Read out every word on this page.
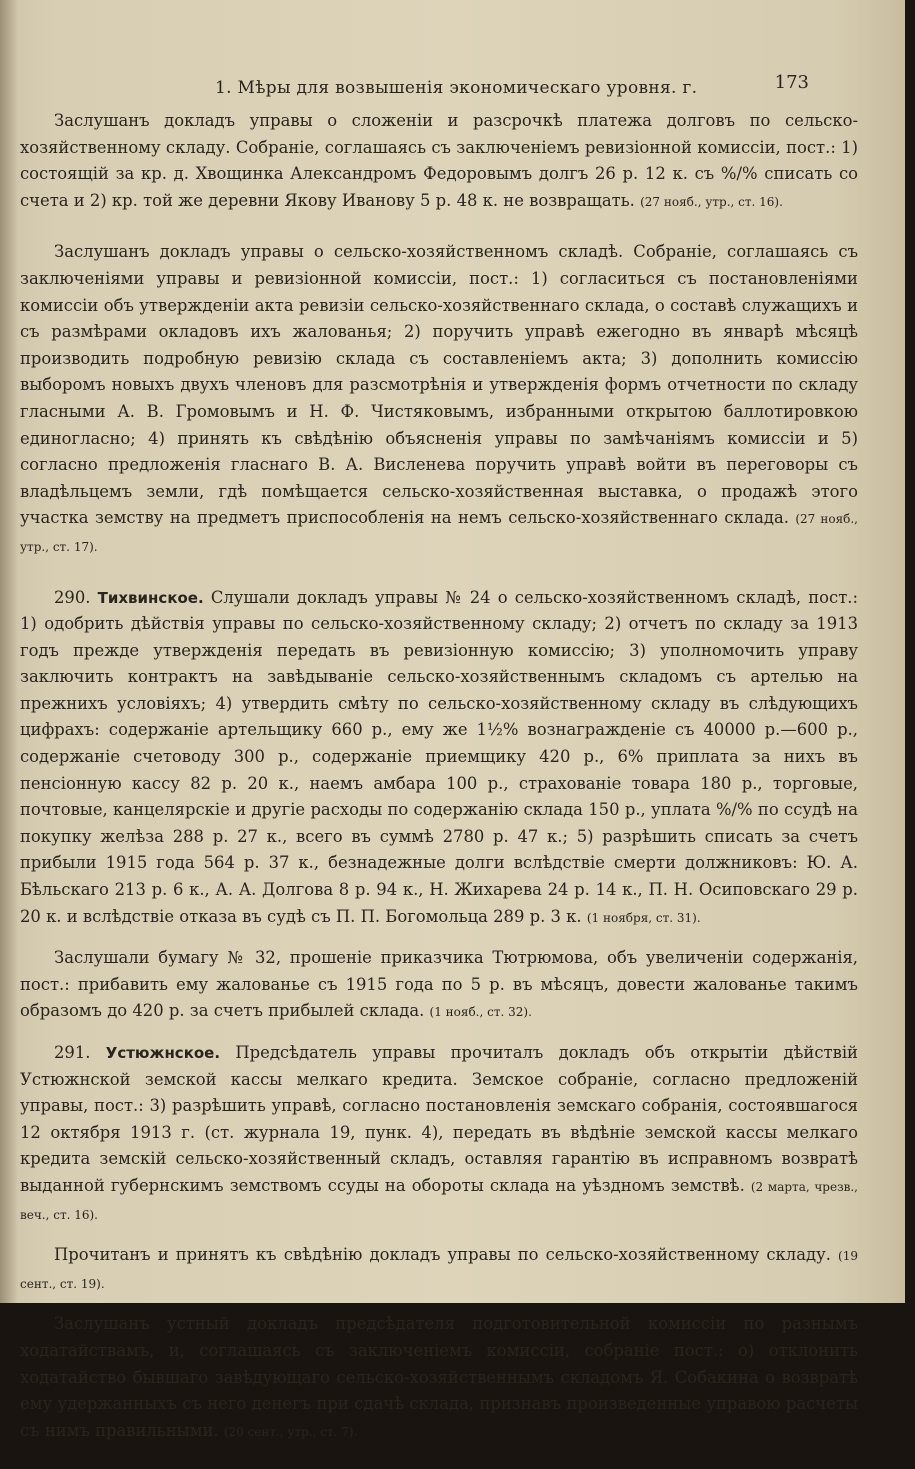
1. Мѣры для возвышенія экономическаго уровня. г.	173

Заслушанъ докладъ управы о сложеніи и разсрочкѣ платежа долговъ по сельско-хозяйственному складу. Собраніе, соглашаясь съ заключеніемъ ревизіонной комиссіи, пост.: 1) состоящій за кр. д. Хвощинка Александромъ Федоровымъ долгъ 26 р. 12 к. съ %/% списать со счета и 2) кр. той же деревни Якову Иванову 5 р. 48 к. не возвращать. (27 нояб., утр., ст. 16).

Заслушанъ докладъ управы о сельско-хозяйственномъ складѣ. Собраніе, соглашаясь съ заключеніями управы и ревизіонной комиссіи, пост.: 1) согласиться съ постановленіями комиссіи объ утвержденіи акта ревизіи сельско-хозяйственнаго склада, о составѣ служащихъ и съ размѣрами окладовъ ихъ жалованья; 2) поручить управѣ ежегодно въ январѣ мѣсяцѣ производить подробную ревизію склада съ составленіемъ акта; 3) дополнить комиссію выборомъ новыхъ двухъ членовъ для разсмотрѣнія и утвержденія формъ отчетности по складу гласными А. В. Громовымъ и Н. Ф. Чистяковымъ, избранными открытою баллотировкою единогласно; 4) принять къ свѣдѣнію объясненія управы по замѣчаніямъ комиссіи и 5) согласно предложенія гласнаго В. А. Висленева поручить управѣ войти въ переговоры съ владѣльцемъ земли, гдѣ помѣщается сельско-хозяйственная выставка, о продажѣ этого участка земству на предметъ приспособленія на немъ сельско-хозяйственнаго склада. (27 нояб., утр., ст. 17).

290. Тихвинское. Слушали докладъ управы № 24 о сельско-хозяйственномъ складѣ, пост.: 1) одобрить дѣйствія управы по сельско-хозяйственному складу; 2) отчетъ по складу за 1913 годъ прежде утвержденія передать въ ревизіонную комиссію; 3) уполномочить управу заключить контрактъ на завѣдываніе сельско-хозяйственнымъ складомъ съ артелью на прежнихъ условіяхъ; 4) утвердить смѣту по сельско-хозяйственному складу въ слѣдующихъ цифрахъ: содержаніе артельщику 660 р., ему же 1½% вознагражденіе съ 40000 р.—600 р., содержаніе счетоводу 300 р., содержаніе приемщику 420 р., 6% приплата за нихъ въ пенсіонную кассу 82 р. 20 к., наемъ амбара 100 р., страхованіе товара 180 р., торговые, почтовые, канцелярскіе и другіе расходы по содержанію склада 150 р., уплата %/% по ссудѣ на покупку желѣза 288 р. 27 к., всего въ суммѣ 2780 р. 47 к.; 5) разрѣшить списать за счетъ прибыли 1915 года 564 р. 37 к., безнадежные долги вслѣдствіе смерти должниковъ: Ю. А. Бѣльскаго 213 р. 6 к., А. А. Долгова 8 р. 94 к., Н. Жихарева 24 р. 14 к., П. Н. Осиповскаго 29 р. 20 к. и вслѣдствіе отказа въ судѣ съ П. П. Богомольца 289 р. 3 к. (1 ноября, ст. 31).

Заслушали бумагу № 32, прошеніе приказчика Тютрюмова, объ увеличеніи содержанія, пост.: прибавить ему жалованье съ 1915 года по 5 р. въ мѣсяцъ, довести жалованье такимъ образомъ до 420 р. за счетъ прибылей склада. (1 нояб., ст. 32).

291. Устюжнское. Предсѣдатель управы прочиталъ докладъ объ открытіи дѣйствій Устюжнской земской кассы мелкаго кредита. Земское собраніе, согласно предложеній управы, пост.: 3) разрѣшить управѣ, согласно постановленія земскаго собранія, состоявшагося 12 октября 1913 г. (ст. журнала 19, пунк. 4), передать въ вѣдѣніе земской кассы мелкаго кредита земскій сельско-хозяйственный складъ, оставляя гарантію въ исправномъ возвратѣ выданной губернскимъ земствомъ ссуды на обороты склада на уѣздномъ земствѣ. (2 марта, чрезв., веч., ст. 16).

Прочитанъ и принятъ къ свѣдѣнію докладъ управы по сельско-хозяйственному складу. (19 сент., ст. 19).

Заслушанъ устный докладъ предсѣдателя подготовительной комиссіи по разнымъ ходатайствамъ, и, соглашаясь съ заключеніемъ комиссіи, собраніе пост.: о) отклонить ходатайство бывшаго завѣдующаго сельско-хозяйственнымъ складомъ Я. Собакина о возвратѣ ему удержанныхъ съ него денегъ при сдачѣ склада, признавъ произведенные управою расчеты съ нимъ правильными. (20 сент., утр., ст. 7).
